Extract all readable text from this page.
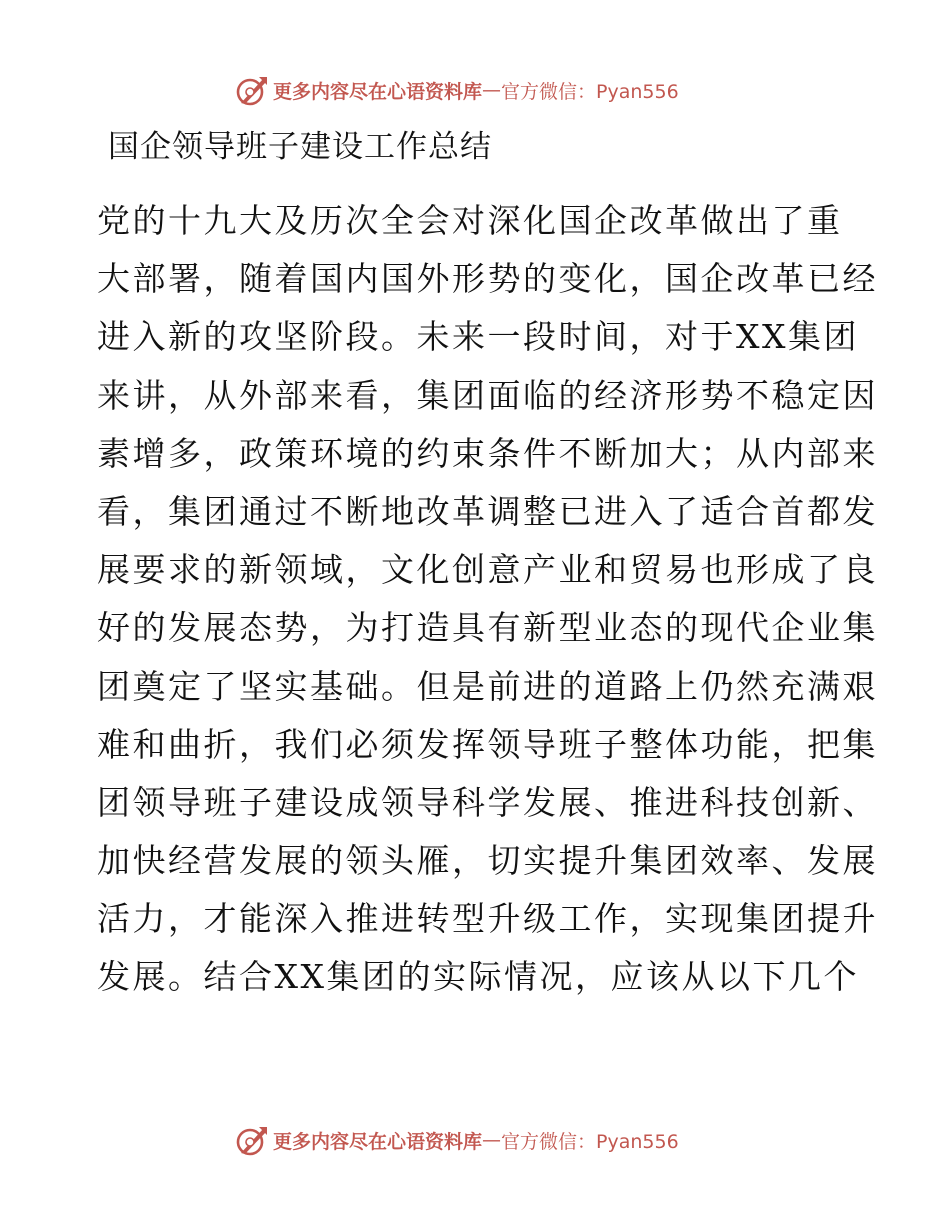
更多内容尽在心语资料库 — 官方微信：Pyan556
国企领导班子建设工作总结
党的十九大及历次全会对深化国企改革做出了重
大部署，随着国内国外形势的变化，国企改革已经
进入新的攻坚阶段。未来一段时间，对于XX集团
来讲，从外部来看，集团面临的经济形势不稳定因
素增多，政策环境的约束条件不断加大；从内部来
看，集团通过不断地改革调整已进入了适合首都发
展要求的新领域，文化创意产业和贸易也形成了良
好的发展态势，为打造具有新型业态的现代企业集
团奠定了坚实基础。但是前进的道路上仍然充满艰
难和曲折，我们必须发挥领导班子整体功能，把集
团领导班子建设成领导科学发展、推进科技创新、
加快经营发展的领头雁，切实提升集团效率、发展
活力，才能深入推进转型升级工作，实现集团提升
发展。结合XX集团的实际情况，应该从以下几个
更多内容尽在心语资料库 — 官方微信：Pyan556
